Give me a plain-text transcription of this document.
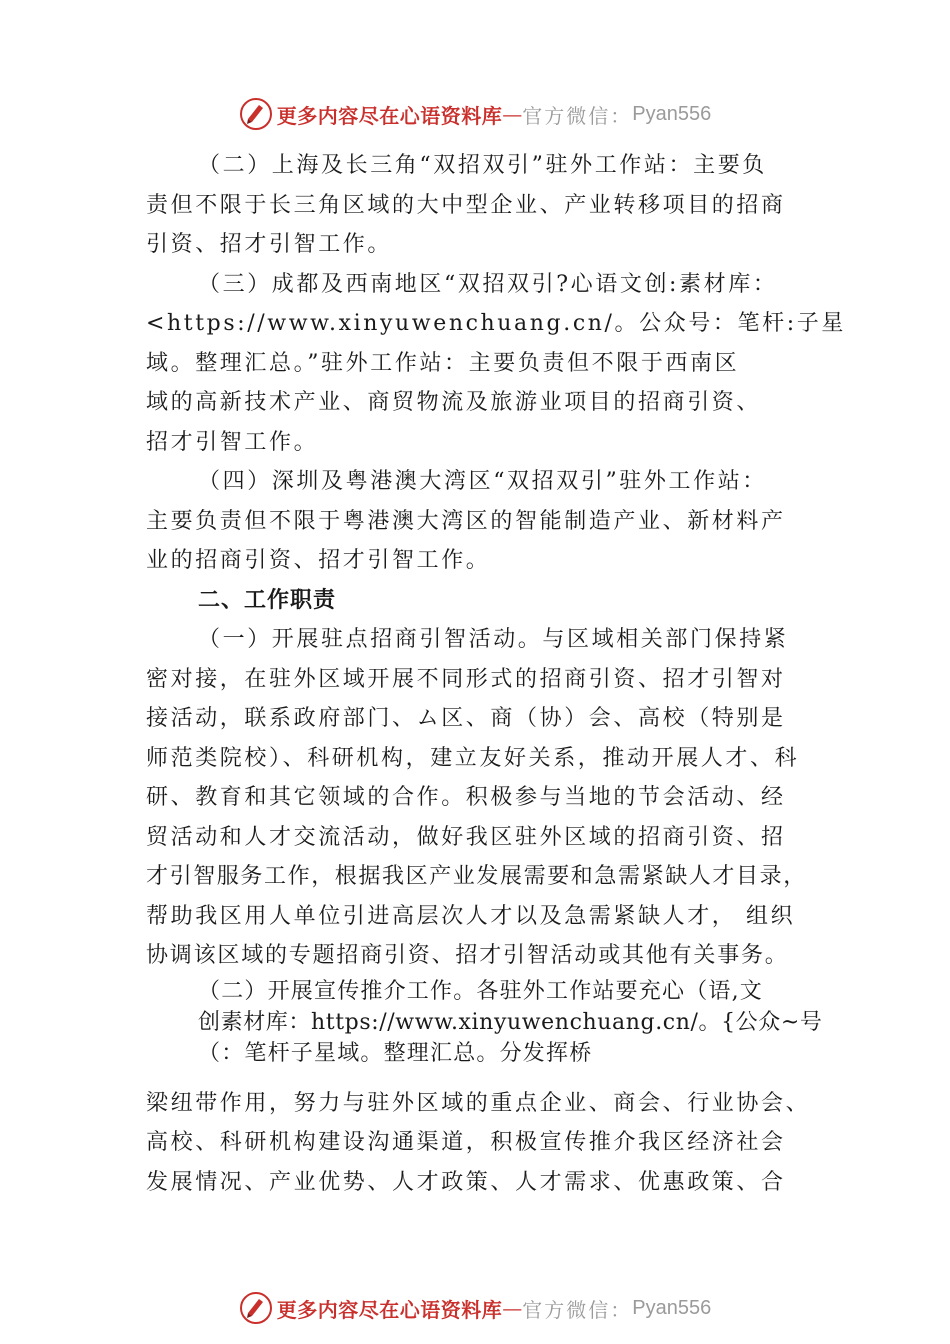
更多内容尽在心语资料库 — 官方微信： Pyan556
（二）上海及长三角“双招双引”驻外工作站：主要负
责但不限于长三角区域的大中型企业、产业转移项目的招商
引资、招才引智工作。
（三）成都及西南地区“双招双引?心语文创:素材库：
<https://www.xinyuwenchuang.cn/。公众号：笔杆:子星
域。整理汇总。”驻外工作站：主要负责但不限于西南区
域的高新技术产业、商贸物流及旅游业项目的招商引资、
招才引智工作。
（四）深圳及粤港澳大湾区“双招双引”驻外工作站：
主要负责但不限于粤港澳大湾区的智能制造产业、新材料产
业的招商引资、招才引智工作。
二、工作职责
（一）开展驻点招商引智活动。与区域相关部门保持紧
密对接，在驻外区域开展不同形式的招商引资、招才引智对
接活动，联系政府部门、ム区、商（协）会、高校（特别是
师范类院校）、科研机构，建立友好关系，推动开展人才、科
研、教育和其它领域的合作。积极参与当地的节会活动、经
贸活动和人才交流活动，做好我区驻外区域的招商引资、招
才引智服务工作，根据我区产业发展需要和急需紧缺人才目录，
帮助我区用人单位引进高层次人才以及急需紧缺人才， 组织
协调该区域的专题招商引资、招才引智活动或其他有关事务。
（二）开展宣传推介工作。各驻外工作站要充心（语,文
创素材库：https://www.xinyuwenchuang.cn/。{公众~号
（：笔杆子星域。整理汇总。分发挥桥
梁纽带作用，努力与驻外区域的重点企业、商会、行业协会、
高校、科研机构建设沟通渠道，积极宣传推介我区经济社会
发展情况、产业优势、人才政策、人才需求、优惠政策、合
更多内容尽在心语资料库 — 官方微信： Pyan556
